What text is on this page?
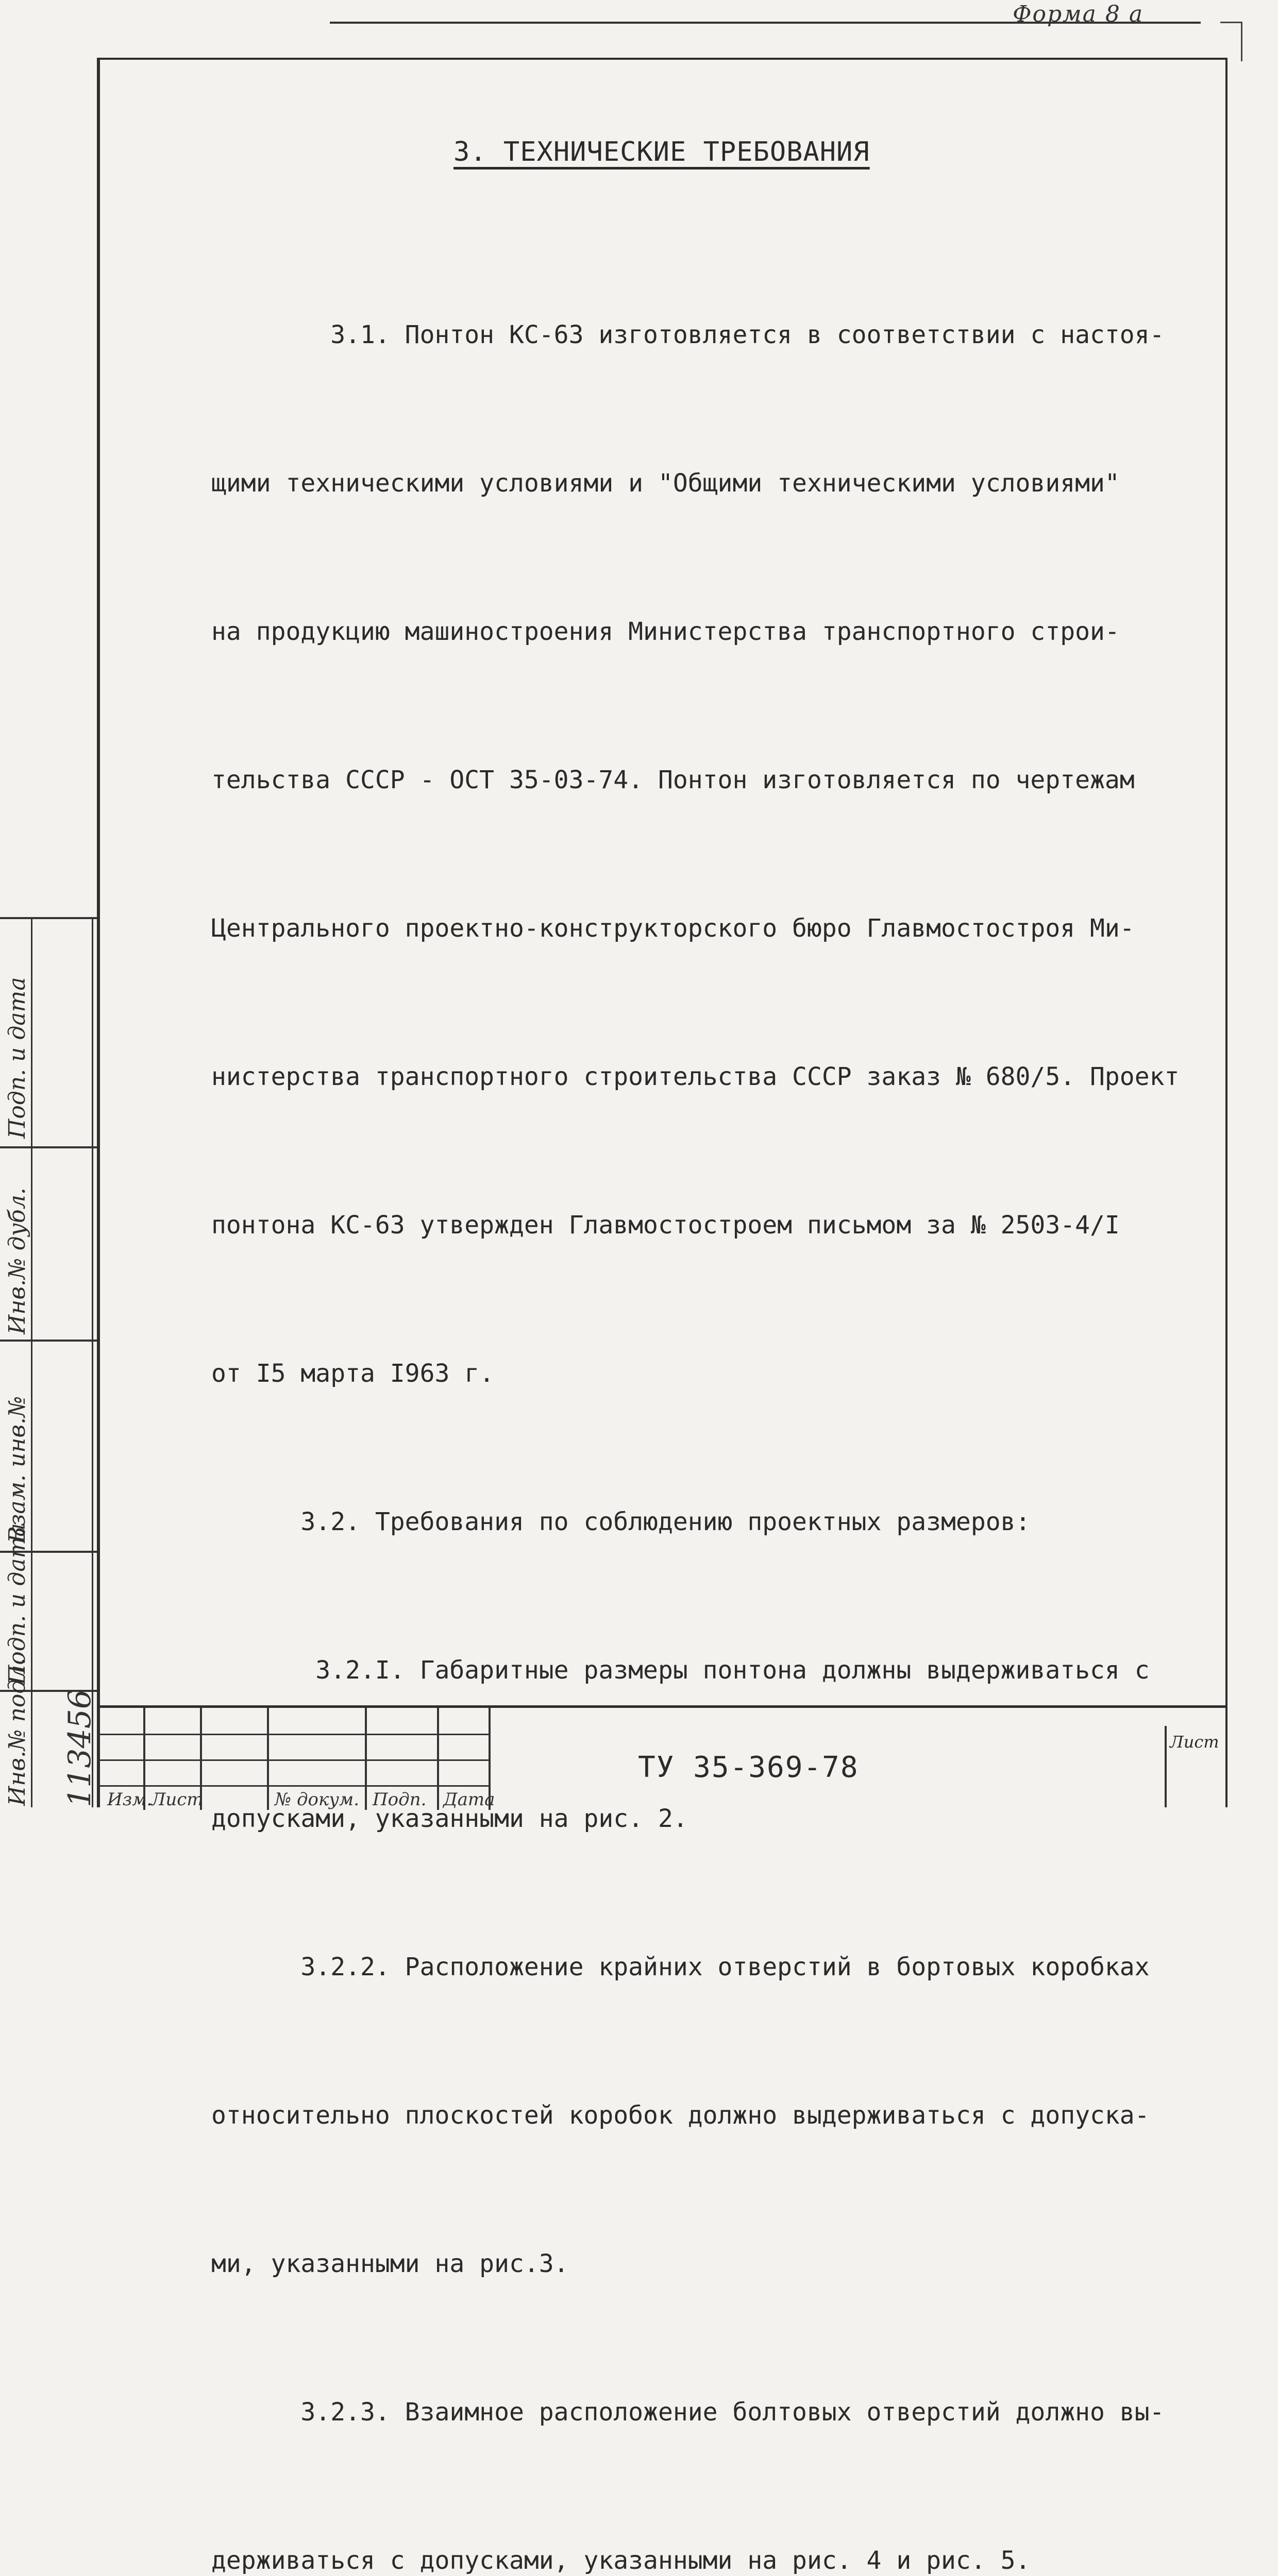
Форма 8 а
3. ТЕХНИЧЕСКИЕ ТРЕБОВАНИЯ

3.1. Понтон КС-63 изготовляется в соответствии с настоя-

щими техническими условиями и "Общими техническими условиями"

на продукцию машиностроения Министерства транспортного строи-

тельства СССР - ОСТ 35-03-74. Понтон изготовляется по чертежам

Центрального проектно-конструкторского бюро Главмостостроя Ми-

нистерства транспортного строительства СССР заказ № 680/5. Проект

понтона КС-63 утвержден Главмостостроем письмом за № 2503-4/I

от I5 марта I963 г.

3.2. Требования по соблюдению проектных размеров:

3.2.I. Габаритные размеры понтона должны выдерживаться с

допусками, указанными на рис. 2.

3.2.2. Расположение крайних отверстий в бортовых коробках

относительно плоскостей коробок должно выдерживаться с допуска-

ми, указанными на рис.3.

3.2.3. Взаимное расположение болтовых отверстий должно вы-

держиваться с допусками, указанными на рис. 4 и рис. 5.

Инв.№ подл.
Подп. и дата
Взам. инв.№
Инв.№ дубл.
Подп. и дата
113456 Изм.
Лист	№ докум. Подп. Дата
ТУ 35-369-78
Лист
